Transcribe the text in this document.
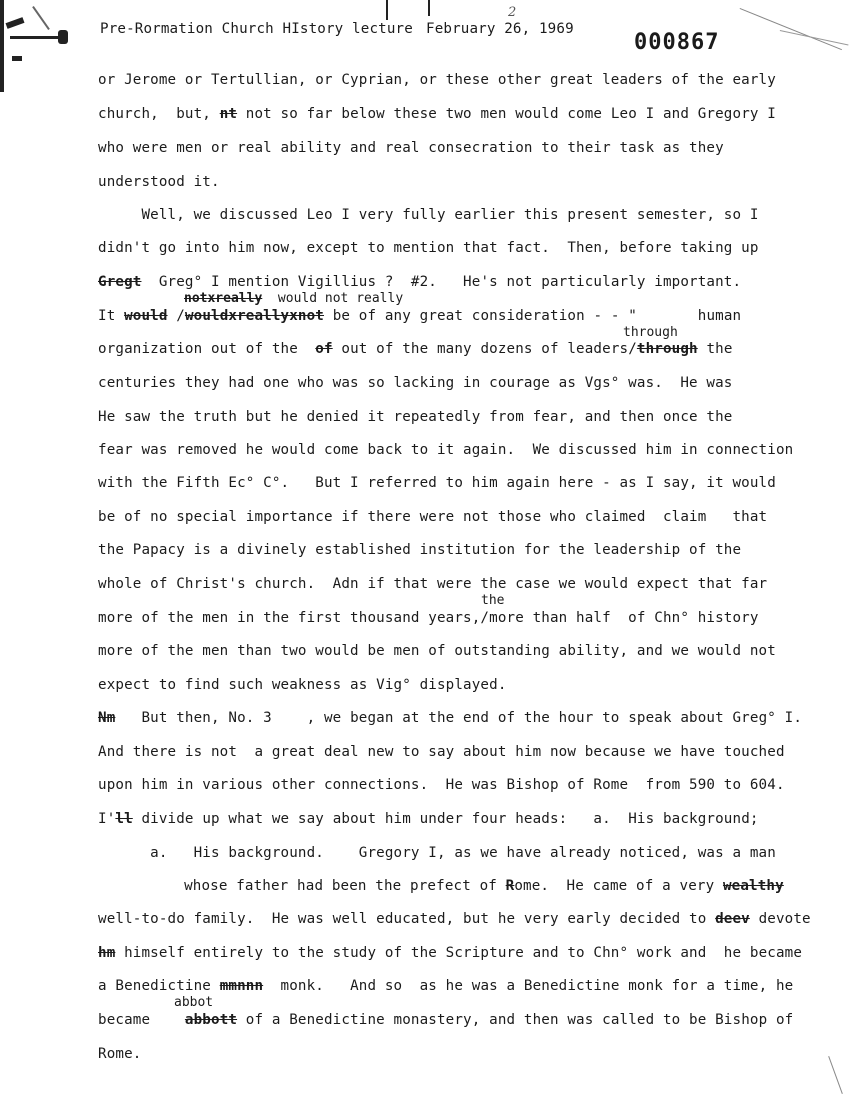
Pre-Rormation Church HIstory lecture February 26, 1969
2
000867
or Jerome or Tertullian, or Cyprian, or these other great leaders of the early
church,  but, nt not so far below these two men would come Leo I and Gregory I
who were men or real ability and real consecration to their task as they
understood it.
Well, we discussed Leo I very fully earlier this present semester, so I
didn't go into him now, except to mention that fact.  Then, before taking up
Gregt  Greg° I mention Vigillius ?  #2.   He's not particularly important.
notxreally  would not really
It would /wouldxreallyxnot be of any great consideration - - "       human
through
organization out of the  of out of the many dozens of leaders/through the
centuries they had one who was so lacking in courage as Vgs° was.  He was
He saw the truth but he denied it repeatedly from fear, and then once the
fear was removed he would come back to it again.  We discussed him in connection
with the Fifth Ec° C°.   But I referred to him again here - as I say, it would
be of no special importance if there were not those who claimed  claim   that
the Papacy is a divinely established institution for the leadership of the
whole of Christ's church.  Adn if that were the case we would expect that far
the
more of the men in the first thousand years,/more than half  of Chn° history
more of the men than two would be men of outstanding ability, and we would not
expect to find such weakness as Vig° displayed.
Nm   But then, No. 3    , we began at the end of the hour to speak about Greg° I.
And there is not  a great deal new to say about him now because we have touched
upon him in various other connections.  He was Bishop of Rome  from 590 to 604.
I'll divide up what we say about him under four heads:   a.  His background;
a.   His background.    Gregory I, as we have already noticed, was a man
whose father had been the prefect of Rome.  He came of a very wealthy
well-to-do family.  He was well educated, but he very early decided to deev devote
hm himself entirely to the study of the Scripture and to Chn° work and  he became
a Benedictine mmnnn  monk.   And so  as he was a Benedictine monk for a time, he
abbot
became    abbott of a Benedictine monastery, and then was called to be Bishop of
Rome.
